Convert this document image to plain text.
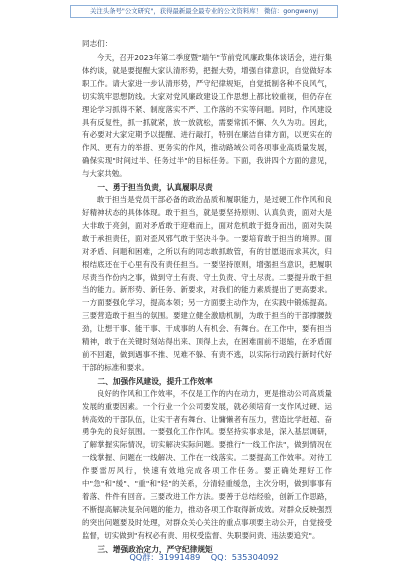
关注头条号"公文研究"，获得最新最全最专业的公文资料库！ 微信：gongwenyj
同志们：

今天，召开2023年第二季度暨"端午"节前党风廉政集体谈话会，进行集体约谈，就是要提醒大家认清形势，把握大势，增强自律意识，自觉做好本职工作。请大家进一步认清形势，严守纪律规矩，自觉抵制各种不良风气，切实筑牢思想防线。大家对党风廉政建设工作思想上都比较重视，但仍存在理论学习抓得不紧、制度落实不严、工作落的不实等问题。同时，作风建设具有反复性，抓一抓就紧，放一放就松，需要常抓不懈、久久为功。因此，有必要对大家定期予以提醒、进行敲打，特别在廉洁自律方面，以更实在的作风、更有力的举措、更务实的作风，推动路域公司各项事业高质量发展，确保实现"时间过半、任务过半"的目标任务。下面，我讲四个方面的意见，与大家共勉。

一、勇于担当负责，认真履职尽责

敢于担当是党员干部必备的政治品质和履职能力，是过硬工作作风和良好精神状态的具体体现。敢于担当，就是要坚持原则、认真负责，面对大是大非敢于亮剑，面对矛盾敢于迎难而上，面对危机敢于挺身而出，面对失误敢于承担责任，面对歪风邪气敢于坚决斗争。一要培育敢于担当的境界。面对矛盾、问题和困难，之所以有的同志敢抓敢管，有的甘愿退而求其次，归根结底还在于心里有没有责任担当。一要坚持原则，增强担当意识，把履职尽责当作份内之事，做到守土有责、守土负责、守土尽责。二要提升敢于担当的能力。新形势、新任务、新要求，对我们的能力素质提出了更高要求。一方面要强化学习，提高本领；另一方面要主动作为，在实践中锻炼提高。三要营造敢于担当的氛围。要建立健全激励机制，为敢于担当的干部撑腰鼓劲，让想干事、能干事、干成事的人有机会、有舞台。在工作中，要有担当精神，敢于在关键时刻站得出来、顶得上去，在困难面前不退缩，在矛盾面前不回避，做到遇事不推、见难不躲、有责不逃，以实际行动践行新时代好干部的标准和要求。

二、加强作风建设，提升工作效率

良好的作风和工作效率，不仅是工作的内在动力，更是推动公司高质量发展的重要因素。一个行业一个公司要发展，就必须培育一支作风过硬、运转高效的干部队伍，让实干者有舞台、让慵懒者有压力，营造比学赶超、奋勇争先的良好氛围。一要强化工作作风。要坚持实事求是，深入基层调研，了解掌握实际情况，切实解决实际问题。要推行"一线工作法"，做到情况在一线掌握、问题在一线解决、工作在一线落实。二要提高工作效率。对待工作要雷厉风行，快速有效地完成各项工作任务。要正确处理好工作中"急"和"缓"、"重"和"轻"的关系，分清轻重缓急，主次分明，做到事事有着落、件件有回音。三要改进工作方法。要善于总结经验，创新工作思路，不断提高解决复杂问题的能力，推动各项工作取得新成效。对群众反映强烈的突出问题要及时处理，对群众关心关注的重点事项要主动公开，自觉接受监督，切实做到"有权必有责、用权受监督、失职要问责、违法要追究"。

三、增强政治定力，严守纪律规矩

QQ群：31991489    QQ：535304092
